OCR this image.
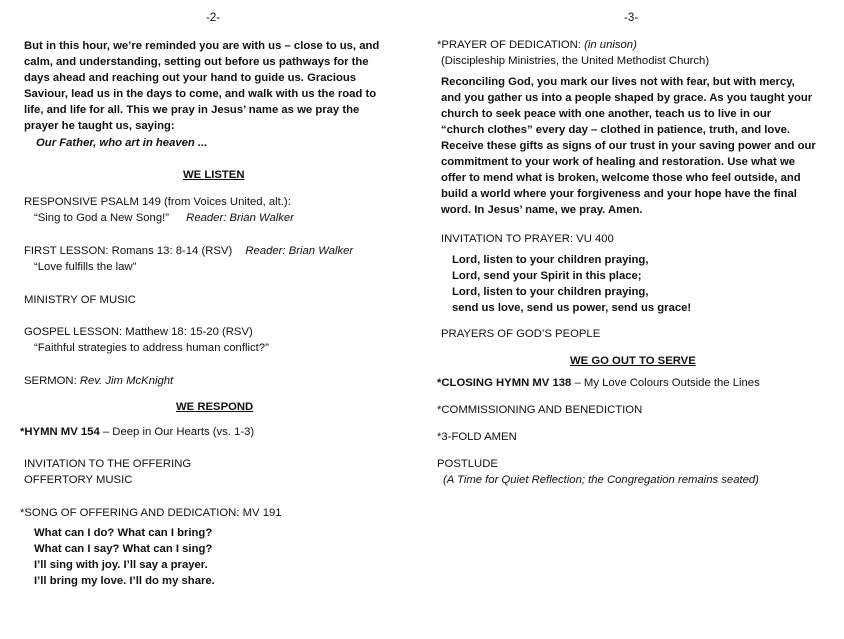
-2-
But in this hour, we’re reminded you are with us – close to us, and
calm, and understanding, setting out before us pathways for the
days ahead and reaching out your hand to guide us. Gracious
Saviour, lead us in the days to come, and walk with us the road to
life, and life for all. This we pray in Jesus’ name as we pray the
prayer he taught us, saying:
Our Father, who art in heaven ...
WE LISTEN
RESPONSIVE PSALM 149 (from Voices United, alt.):
“Sing to God a New Song!” Reader: Brian Walker
FIRST LESSON: Romans 13: 8-14 (RSV) Reader: Brian Walker
“Love fulfills the law”
MINISTRY OF MUSIC
GOSPEL LESSON: Matthew 18: 15-20 (RSV)
“Faithful strategies to address human conflict?”
SERMON: Rev. Jim McKnight
WE RESPOND
*HYMN MV 154 – Deep in Our Hearts (vs. 1-3)
INVITATION TO THE OFFERING
OFFERTORY MUSIC
*SONG OF OFFERING AND DEDICATION: MV 191
What can I do? What can I bring?
What can I say? What can I sing?
I’ll sing with joy. I’ll say a prayer.
I’ll bring my love. I’ll do my share.
-3-
*PRAYER OF DEDICATION: (in unison)
(Discipleship Ministries, the United Methodist Church)
Reconciling God, you mark our lives not with fear, but with mercy,
and you gather us into a people shaped by grace. As you taught your
church to seek peace with one another, teach us to live in our
“church clothes” every day – clothed in patience, truth, and love.
Receive these gifts as signs of our trust in your saving power and our
commitment to your work of healing and restoration. Use what we
offer to mend what is broken, welcome those who feel outside, and
build a world where your forgiveness and your hope have the final
word. In Jesus’ name, we pray. Amen.
INVITATION TO PRAYER: VU 400
Lord, listen to your children praying,
Lord, send your Spirit in this place;
Lord, listen to your children praying,
send us love, send us power, send us grace!
PRAYERS OF GOD’S PEOPLE
WE GO OUT TO SERVE
*CLOSING HYMN MV 138 – My Love Colours Outside the Lines
*COMMISSIONING AND BENEDICTION
*3-FOLD AMEN
POSTLUDE
(A Time for Quiet Reflection; the Congregation remains seated)
